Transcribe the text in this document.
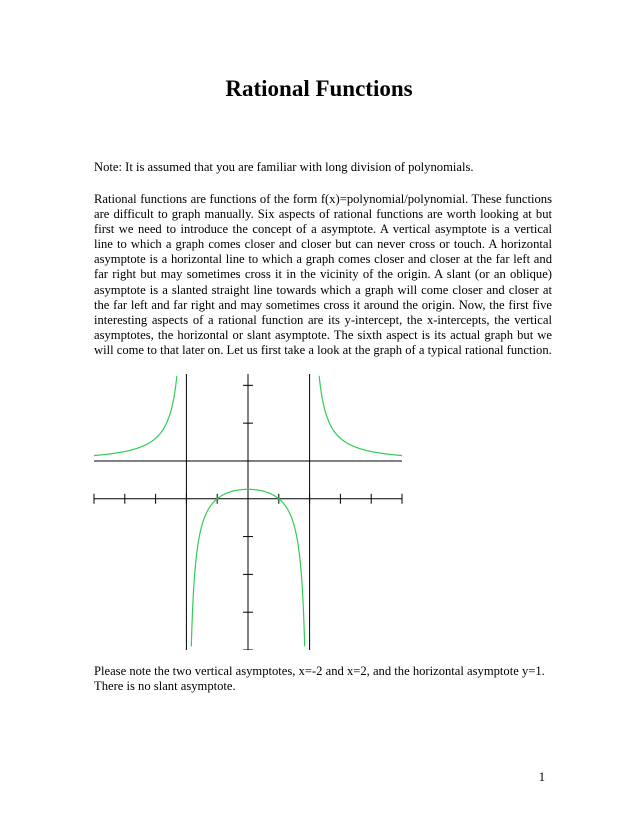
Rational Functions

Note: It is assumed that you are familiar with long division of polynomials.

Rational functions are functions of the form f(x)=polynomial/polynomial. These functions are difficult to graph manually. Six aspects of rational functions are worth looking at but first we need to introduce the concept of a asymptote. A vertical asymptote is a vertical line to which a graph comes closer and closer but can never cross or touch. A horizontal asymptote is a horizontal line to which a graph comes closer and closer at the far left and far right but may sometimes cross it in the vicinity of the origin. A slant (or an oblique) asymptote is a slanted straight line towards which a graph will come closer and closer at the far left and far right and may sometimes cross it around the origin. Now, the first five interesting aspects of a rational function are its y-intercept, the x-intercepts, the vertical asymptotes, the horizontal or slant asymptote. The sixth aspect is its actual graph but we will come to that later on. Let us first take a look at the graph of a typical rational function.

Please note the two vertical asymptotes, x=-2 and x=2, and the horizontal asymptote y=1. There is no slant asymptote.

1
